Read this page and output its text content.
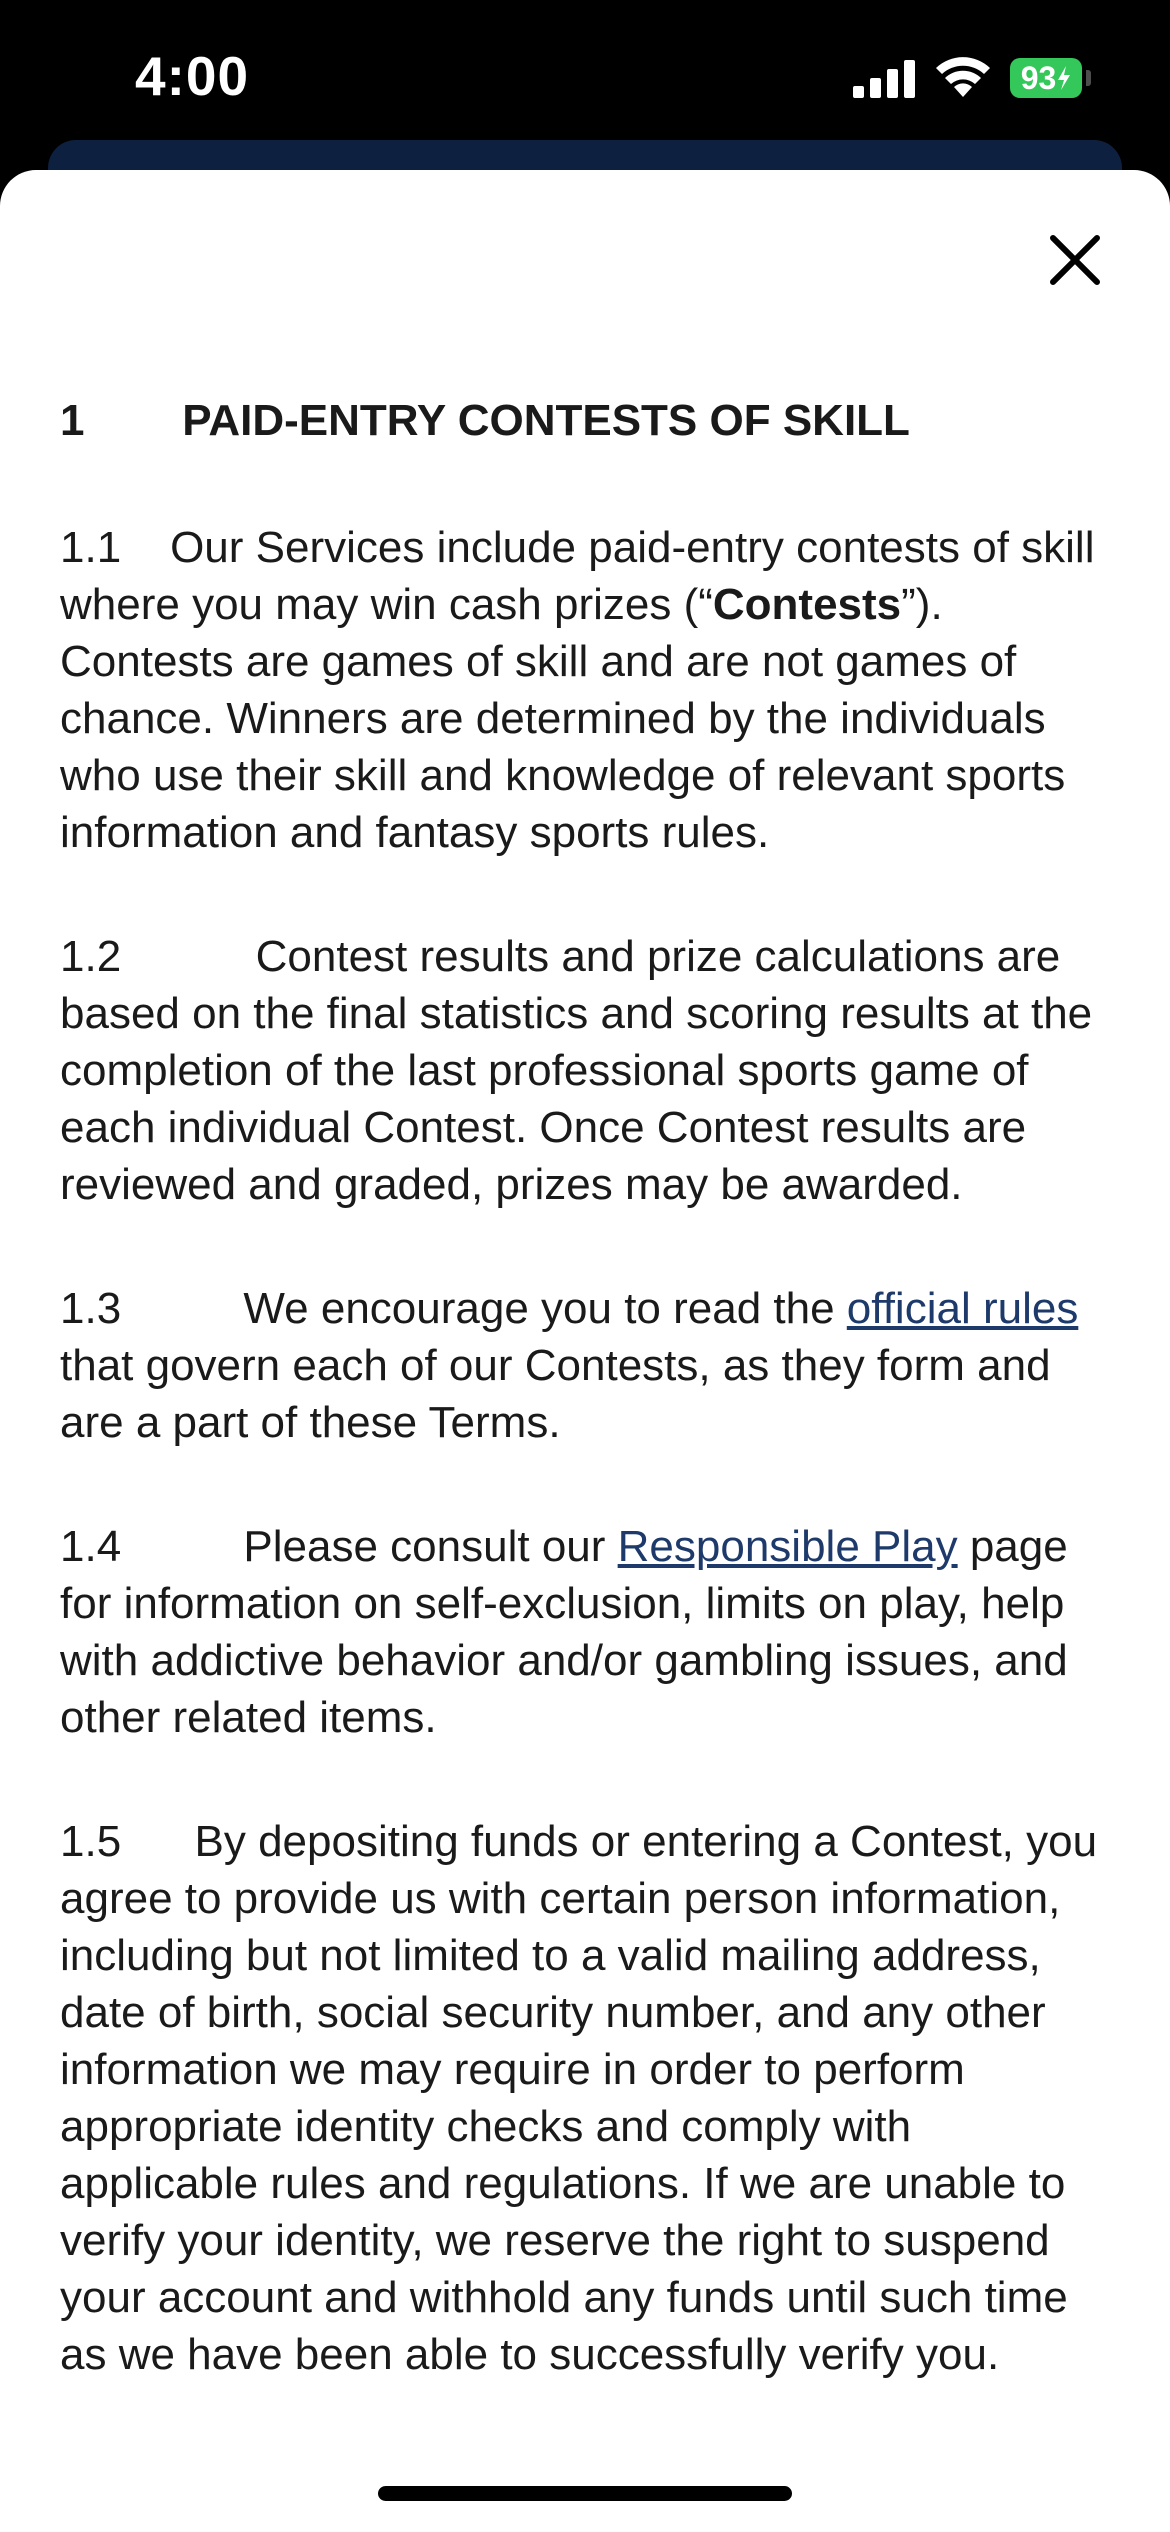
4:00	93
1        PAID-ENTRY CONTESTS OF SKILL

1.1    Our Services include paid-entry contests of skill where you may win cash prizes (“Contests”). Contests are games of skill and are not games of chance. Winners are determined by the individuals who use their skill and knowledge of relevant sports information and fantasy sports rules.

1.2           Contest results and prize calculations are based on the final statistics and scoring results at the completion of the last professional sports game of each individual Contest. Once Contest results are reviewed and graded, prizes may be awarded.

1.3          We encourage you to read the official rules that govern each of our Contests, as they form and are a part of these Terms.

1.4          Please consult our Responsible Play page for information on self-exclusion, limits on play, help with addictive behavior and/or gambling issues, and other related items.

1.5      By depositing funds or entering a Contest, you agree to provide us with certain person information, including but not limited to a valid mailing address, date of birth, social security number, and any other information we may require in order to perform appropriate identity checks and comply with applicable rules and regulations. If we are unable to verify your identity, we reserve the right to suspend your account and withhold any funds until such time as we have been able to successfully verify you.
